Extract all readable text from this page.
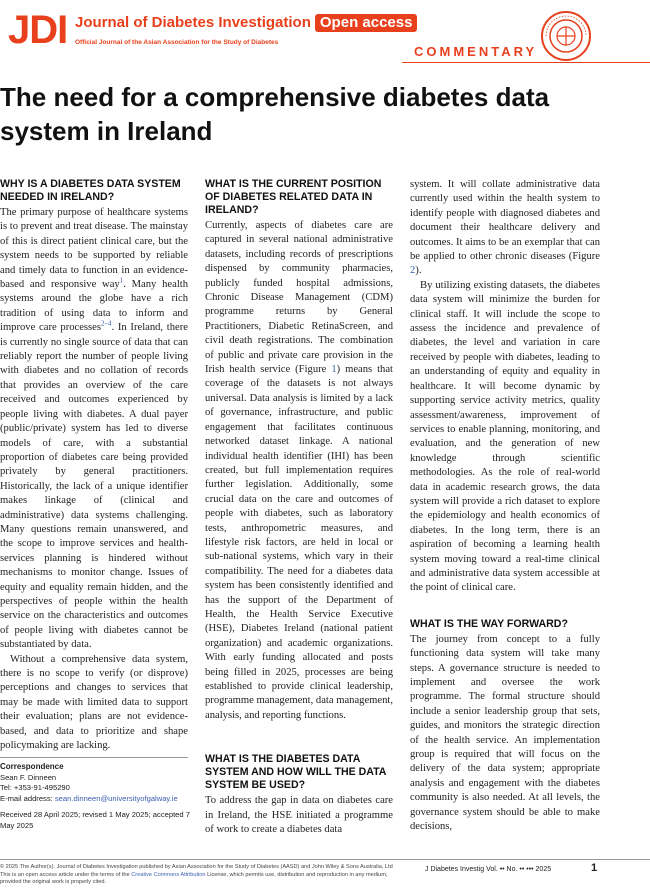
JDI Journal of Diabetes Investigation Open access
Official Journal of the Asian Association for the Study of Diabetes
COMMENTARY
The need for a comprehensive diabetes data system in Ireland
WHY IS A DIABETES DATA SYSTEM NEEDED IN IRELAND?

The primary purpose of healthcare systems is to prevent and treat disease. The mainstay of this is direct patient clinical care, but the system needs to be supported by reliable and timely data to function in an evidence-based and responsive way$^1$. Many health systems around the globe have a rich tradition of using data to inform and improve care processes$^{2-4}$. In Ireland, there is currently no single source of data that can reliably report the number of people living with diabetes and no collation of records that provides an overview of the care received and outcomes experienced by people living with diabetes. A dual payer (public/private) system has led to diverse models of care, with a substantial proportion of diabetes care being provided privately by general practitioners. Historically, the lack of a unique identifier makes linkage of (clinical and administrative) data systems challenging. Many questions remain unanswered, and the scope to improve services and health-services planning is hindered without mechanisms to monitor change. Issues of equity and equality remain hidden, and the perspectives of people within the health service on the characteristics and outcomes of people living with diabetes cannot be substantiated by data.

Without a comprehensive data system, there is no scope to verify (or disprove) perceptions and changes to services that may be made with limited data to support their evaluation; plans are not evidence-based, and data to prioritize and shape policymaking are lacking.

WHAT IS THE CURRENT POSITION OF DIABETES RELATED DATA IN IRELAND?

Currently, aspects of diabetes care are captured in several national administrative datasets, including records of prescriptions dispensed by community pharmacies, publicly funded hospital admissions, Chronic Disease Management (CDM) programme returns by General Practitioners, Diabetic RetinaScreen, and civil death registrations. The combination of public and private care provision in the Irish health service (Figure 1) means that coverage of the datasets is not always universal. Data analysis is limited by a lack of governance, infrastructure, and public engagement that facilitates continuous networked dataset linkage. A national individual health identifier (IHI) has been created, but full implementation requires further legislation. Additionally, some crucial data on the care and outcomes of people with diabetes, such as laboratory tests, anthropometric measures, and lifestyle risk factors, are held in local or sub-national systems, which vary in their compatibility. The need for a diabetes data system has been consistently identified and has the support of the Department of Health, the Health Service Executive (HSE), Diabetes Ireland (national patient organization) and academic organizations. With early funding allocated and posts being filled in 2025, processes are being established to provide clinical leadership, programme management, data management, analysis, and reporting functions.

WHAT IS THE DIABETES DATA SYSTEM AND HOW WILL THE DATA SYSTEM BE USED?

To address the gap in data on diabetes care in Ireland, the HSE initiated a programme of work to create a diabetes data

system. It will collate administrative data currently used within the health system to identify people with diagnosed diabetes and document their healthcare delivery and outcomes. It aims to be an exemplar that can be applied to other chronic diseases (Figure 2).

By utilizing existing datasets, the diabetes data system will minimize the burden for clinical staff. It will include the scope to assess the incidence and prevalence of diabetes, the level and variation in care received by people with diabetes, leading to an understanding of equity and equality in healthcare. It will become dynamic by supporting service activity metrics, quality assessment/awareness, improvement of services to enable planning, monitoring, and evaluation, and the generation of new knowledge through scientific methodologies. As the role of real-world data in academic research grows, the data system will provide a rich dataset to explore the epidemiology and health economics of diabetes. In the long term, there is an aspiration of becoming a learning health system moving toward a real-time clinical and administrative data system accessible at the point of clinical care.

WHAT IS THE WAY FORWARD?

The journey from concept to a fully functioning data system will take many steps. A governance structure is needed to implement and oversee the work programme. The formal structure should include a senior leadership group that sets, guides, and monitors the strategic direction of the health service. An implementation group is required that will focus on the delivery of the data system; appropriate analysis and engagement with the diabetes community is also needed. At all levels, the governance system should be able to make decisions,

Correspondence
Sean F. Dinneen
Tel: +353-91-495290
E-mail address: sean.dinneen@universityofgalway.ie
Received 28 April 2025; revised 1 May 2025; accepted 7 May 2025
© 2025 The Author(s). Journal of Diabetes Investigation published by Asian Association for the Study of Diabetes (AASD) and John Wiley & Sons Australia, Ltd
This is an open access article under the terms of the Creative Commons Attribution License, which permits use, distribution and reproduction in any medium, provided the original work is properly cited.
J Diabetes Investig Vol. •• No. •• ••• 2025	1
